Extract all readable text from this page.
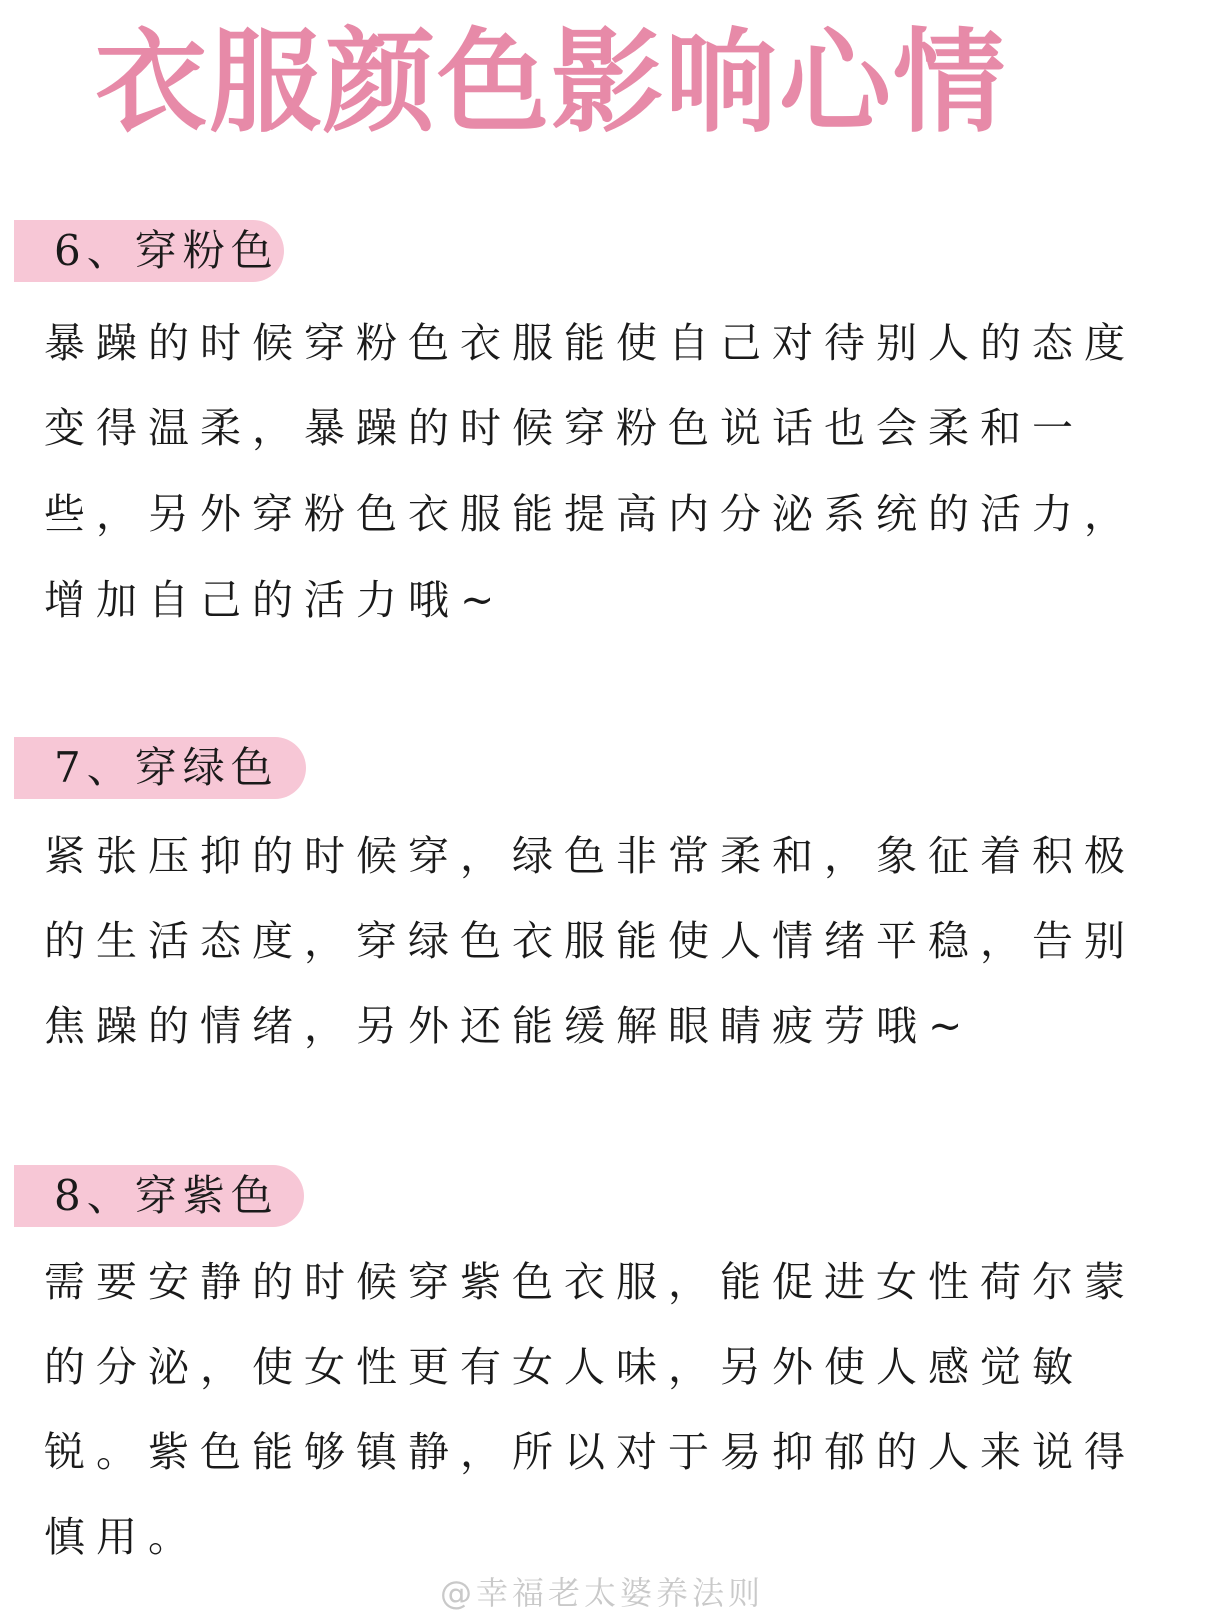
衣服颜色影响心情
6、穿粉色
暴躁的时候穿粉色衣服能使自己对待别人的态度
变得温柔，暴躁的时候穿粉色说话也会柔和一
些，另外穿粉色衣服能提高内分泌系统的活力，
增加自己的活力哦~
7、穿绿色
紧张压抑的时候穿，绿色非常柔和，象征着积极
的生活态度，穿绿色衣服能使人情绪平稳，告别
焦躁的情绪，另外还能缓解眼睛疲劳哦~
8、穿紫色
需要安静的时候穿紫色衣服，能促进女性荷尔蒙
的分泌，使女性更有女人味，另外使人感觉敏
锐。紫色能够镇静，所以对于易抑郁的人来说得
慎用。
@幸福老太婆养法则
